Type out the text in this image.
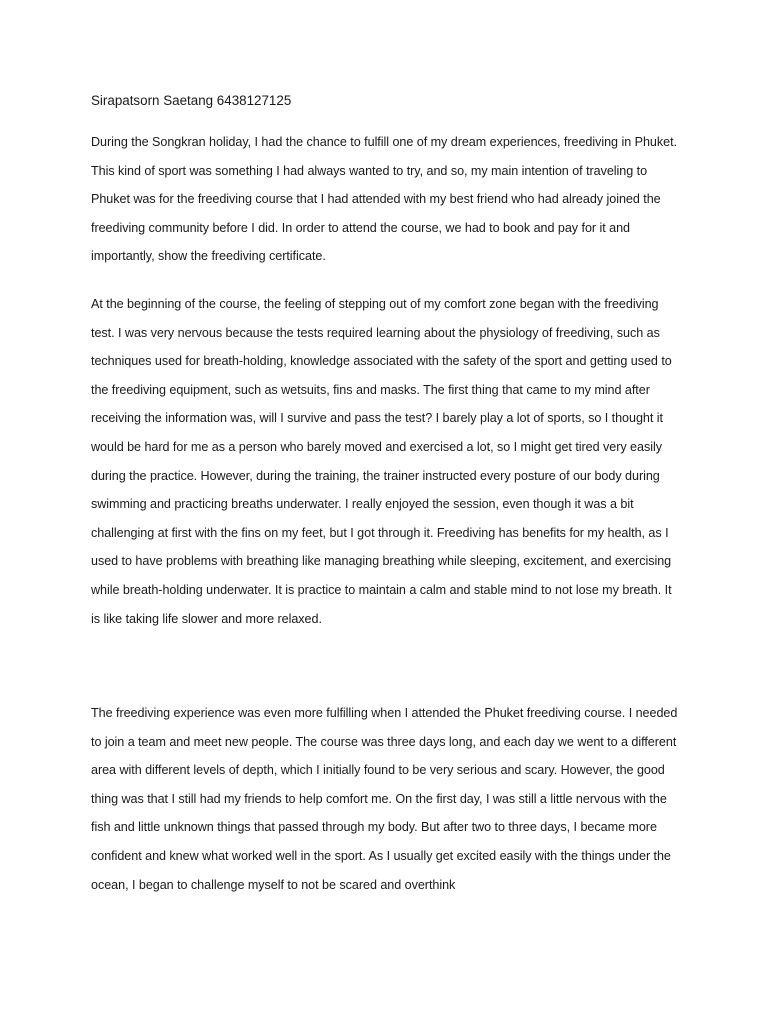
Sirapatsorn Saetang 6438127125

During the Songkran holiday, I had the chance to fulfill one of my dream experiences, freediving in Phuket. This kind of sport was something I had always wanted to try, and so, my main intention of traveling to Phuket was for the freediving course that I had attended with my best friend who had already joined the freediving community before I did. In order to attend the course, we had to book and pay for it and importantly, show the freediving certificate.

At the beginning of the course, the feeling of stepping out of my comfort zone began with the freediving test. I was very nervous because the tests required learning about the physiology of freediving, such as techniques used for breath-holding, knowledge associated with the safety of the sport and getting used to the freediving equipment, such as wetsuits, fins and masks. The first thing that came to my mind after receiving the information was, will I survive and pass the test? I barely play a lot of sports, so I thought it would be hard for me as a person who barely moved and exercised a lot, so I might get tired very easily during the practice. However, during the training, the trainer instructed every posture of our body during swimming and practicing breaths underwater. I really enjoyed the session, even though it was a bit challenging at first with the fins on my feet, but I got through it. Freediving has benefits for my health, as I used to have problems with breathing like managing breathing while sleeping, excitement, and exercising while breath-holding underwater. It is practice to maintain a calm and stable mind to not lose my breath. It is like taking life slower and more relaxed.

The freediving experience was even more fulfilling when I attended the Phuket freediving course. I needed to join a team and meet new people. The course was three days long, and each day we went to a different area with different levels of depth, which I initially found to be very serious and scary. However, the good thing was that I still had my friends to help comfort me. On the first day, I was still a little nervous with the fish and little unknown things that passed through my body. But after two to three days, I became more confident and knew what worked well in the sport. As I usually get excited easily with the things under the ocean, I began to challenge myself to not be scared and overthink
